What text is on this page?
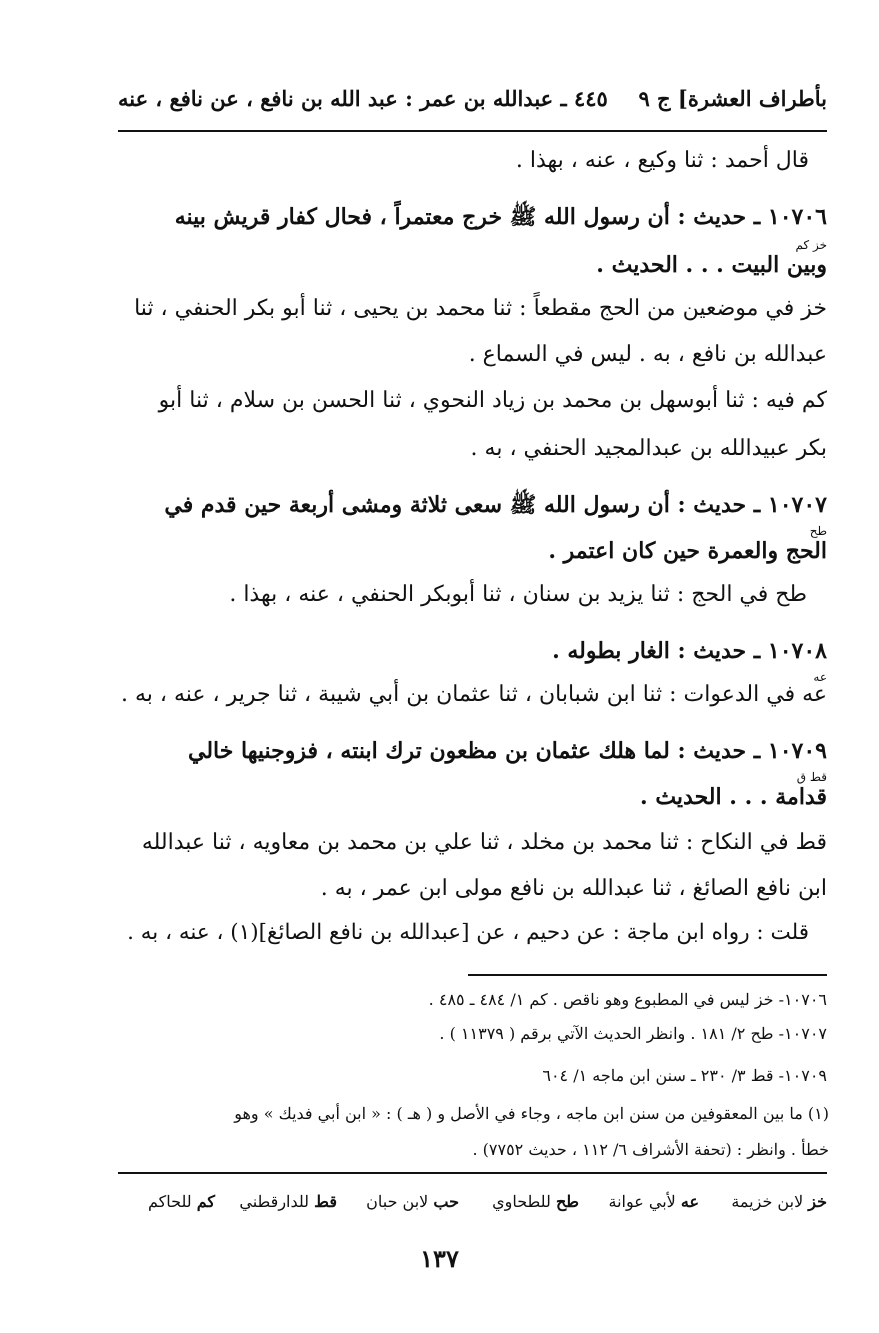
بأطراف العشرة] ج ٩
٤٤٥ ـ عبدالله بن عمر : عبد الله بن نافع ، عن نافع ، عنه
قال أحمد : ثنا وكيع ، عنه ، بهذا .
١٠٧٠٦ ـ حديث : أن رسول الله ﷺ خرج معتمراً ، فحال كفار قريش بينه
خز كم
وبين البيت . . . الحديث .
خز في موضعين من الحج مقطعاً : ثنا محمد بن يحيى ، ثنا أبو بكر الحنفي ، ثنا
عبدالله بن نافع ، به . ليس في السماع .
كم فيه : ثنا أبوسهل بن محمد بن زياد النحوي ، ثنا الحسن بن سلام ، ثنا أبو
بكر عبيدالله بن عبدالمجيد الحنفي ، به .
١٠٧٠٧ ـ حديث : أن رسول الله ﷺ سعى ثلاثة ومشى أربعة حين قدم في
طح
الحج والعمرة حين كان اعتمر .
طح في الحج : ثنا يزيد بن سنان ، ثنا أبوبكر الحنفي ، عنه ، بهذا .
١٠٧٠٨ ـ حديث : الغار بطوله .
عه
عه في الدعوات : ثنا ابن شبابان ، ثنا عثمان بن أبي شيبة ، ثنا جرير ، عنه ، به .
١٠٧٠٩ ـ حديث : لما هلك عثمان بن مظعون ترك ابنته ، فزوجنيها خالي
قط ق
قدامة . . . الحديث .
قط في النكاح : ثنا محمد بن مخلد ، ثنا علي بن محمد بن معاويه ، ثنا عبدالله
ابن نافع الصائغ ، ثنا عبدالله بن نافع مولى ابن عمر ، به .
قلت : رواه ابن ماجة : عن دحيم ، عن [عبدالله بن نافع الصائغ](١) ، عنه ، به .
١٠٧٠٦- خز ليس في المطبوع وهو ناقص . كم ١/ ٤٨٤ ـ ٤٨٥ .
١٠٧٠٧- طح ٢/ ١٨١ . وانظر الحديث الآتي برقم ( ١١٣٧٩ ) .
١٠٧٠٩- قط ٣/ ٢٣٠ ـ سنن ابن ماجه ١/ ٦٠٤
(١) ما بين المعقوفين من سنن ابن ماجه ، وجاء في الأصل و ( هـ ) : « ابن أبي فديك » وهو
خطأ . وانظر : (تحفة الأشراف ٦/ ١١٢ ، حديث ٧٧٥٢) .
خز لابن خزيمة
عه لأبي عوانة
طح للطحاوي
حب لابن حبان
قط للدارقطني
كم للحاكم
١٣٧
